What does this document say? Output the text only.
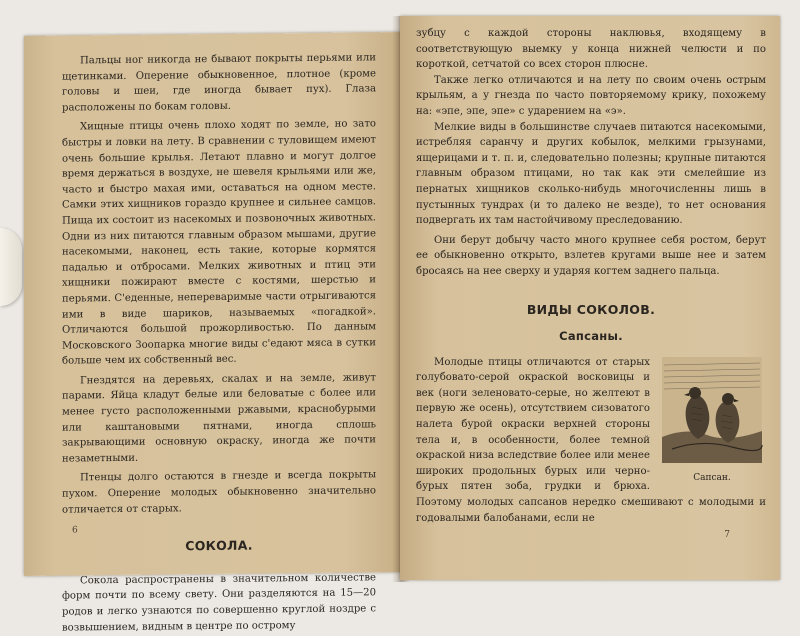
Пальцы ног никогда не бывают покрыты перьями или щетинками. Оперение обыкновенное, плотное (кроме головы и шеи, где иногда бывает пух). Глаза расположены по бокам головы.

Хищные птицы очень плохо ходят по земле, но зато быстры и ловки на лету. В сравнении с туловищем имеют очень большие крылья. Летают плавно и могут долгое время держаться в воздухе, не шевеля крыльями или же, часто и быстро махая ими, оставаться на одном месте. Самки этих хищников гораздо крупнее и сильнее самцов. Пища их состоит из насекомых и позвоночных животных. Одни из них питаются главным образом мышами, другие насекомыми, наконец, есть такие, которые кормятся падалью и отбросами. Мелких животных и птиц эти хищники пожирают вместе с костями, шерстью и перьями. С'еденные, непереваримые части отрыгиваются ими в виде шариков, называемых «погадкой». Отличаются большой прожорливостью. По данным Московского Зоопарка многие виды с'едают мяса в сутки больше чем их собственный вес.

Гнездятся на деревьях, скалах и на земле, живут парами. Яйца кладут белые или беловатые с более или менее густо расположенными ржавыми, краснобурыми или каштановыми пятнами, иногда сплошь закрывающими основную окраску, иногда же почти незаметными.

Птенцы долго остаются в гнезде и всегда покрыты пухом. Оперение молодых обыкновенно значительно отличается от старых.

СОКОЛА.

Сокола распространены в значительном количестве форм почти по всему свету. Они разделяются на 15—20 родов и легко узнаются по совершенно круглой ноздре с возвышением, видным в центре по острому

6

зубцу с каждой стороны наклювья, входящему в соответствующую выемку у конца нижней челюсти и по короткой, сетчатой со всех сторон плюсне.

Также легко отличаются и на лету по своим очень острым крыльям, а у гнезда по часто повторяемому крику, похожему на: «эпе, эпе, эпе» с ударением на «э».

Мелкие виды в большинстве случаев питаются насекомыми, истребляя саранчу и других кобылок, мелкими грызунами, ящерицами и т. п. и, следовательно полезны; крупные питаются главным образом птицами, но так как эти смелейшие из пернатых хищников сколько-нибудь многочисленны лишь в пустынных тундрах (и то далеко не везде), то нет основания подвергать их там настойчивому преследованию.

Они берут добычу часто много крупнее себя ростом, берут ее обыкновенно открыто, взлетев кругами выше нее и затем бросаясь на нее сверху и ударяя когтем заднего пальца.

ВИДЫ СОКОЛОВ.

Сапсаны.

Сапсан.

Молодые птицы отличаются от старых голубовато-серой окраской восковицы и век (ноги зеленовато-серые, но желтеют в первую же осень), отсутствием сизоватого налета бурой окраски верхней стороны тела и, в особенности, более темной окраской низа вследствие более или менее широких продольных бурых или черно-бурых пятен зоба, грудки и брюха. Поэтому молодых сапсанов нередко смешивают с молодыми и годовалыми балобанами, если не

7
